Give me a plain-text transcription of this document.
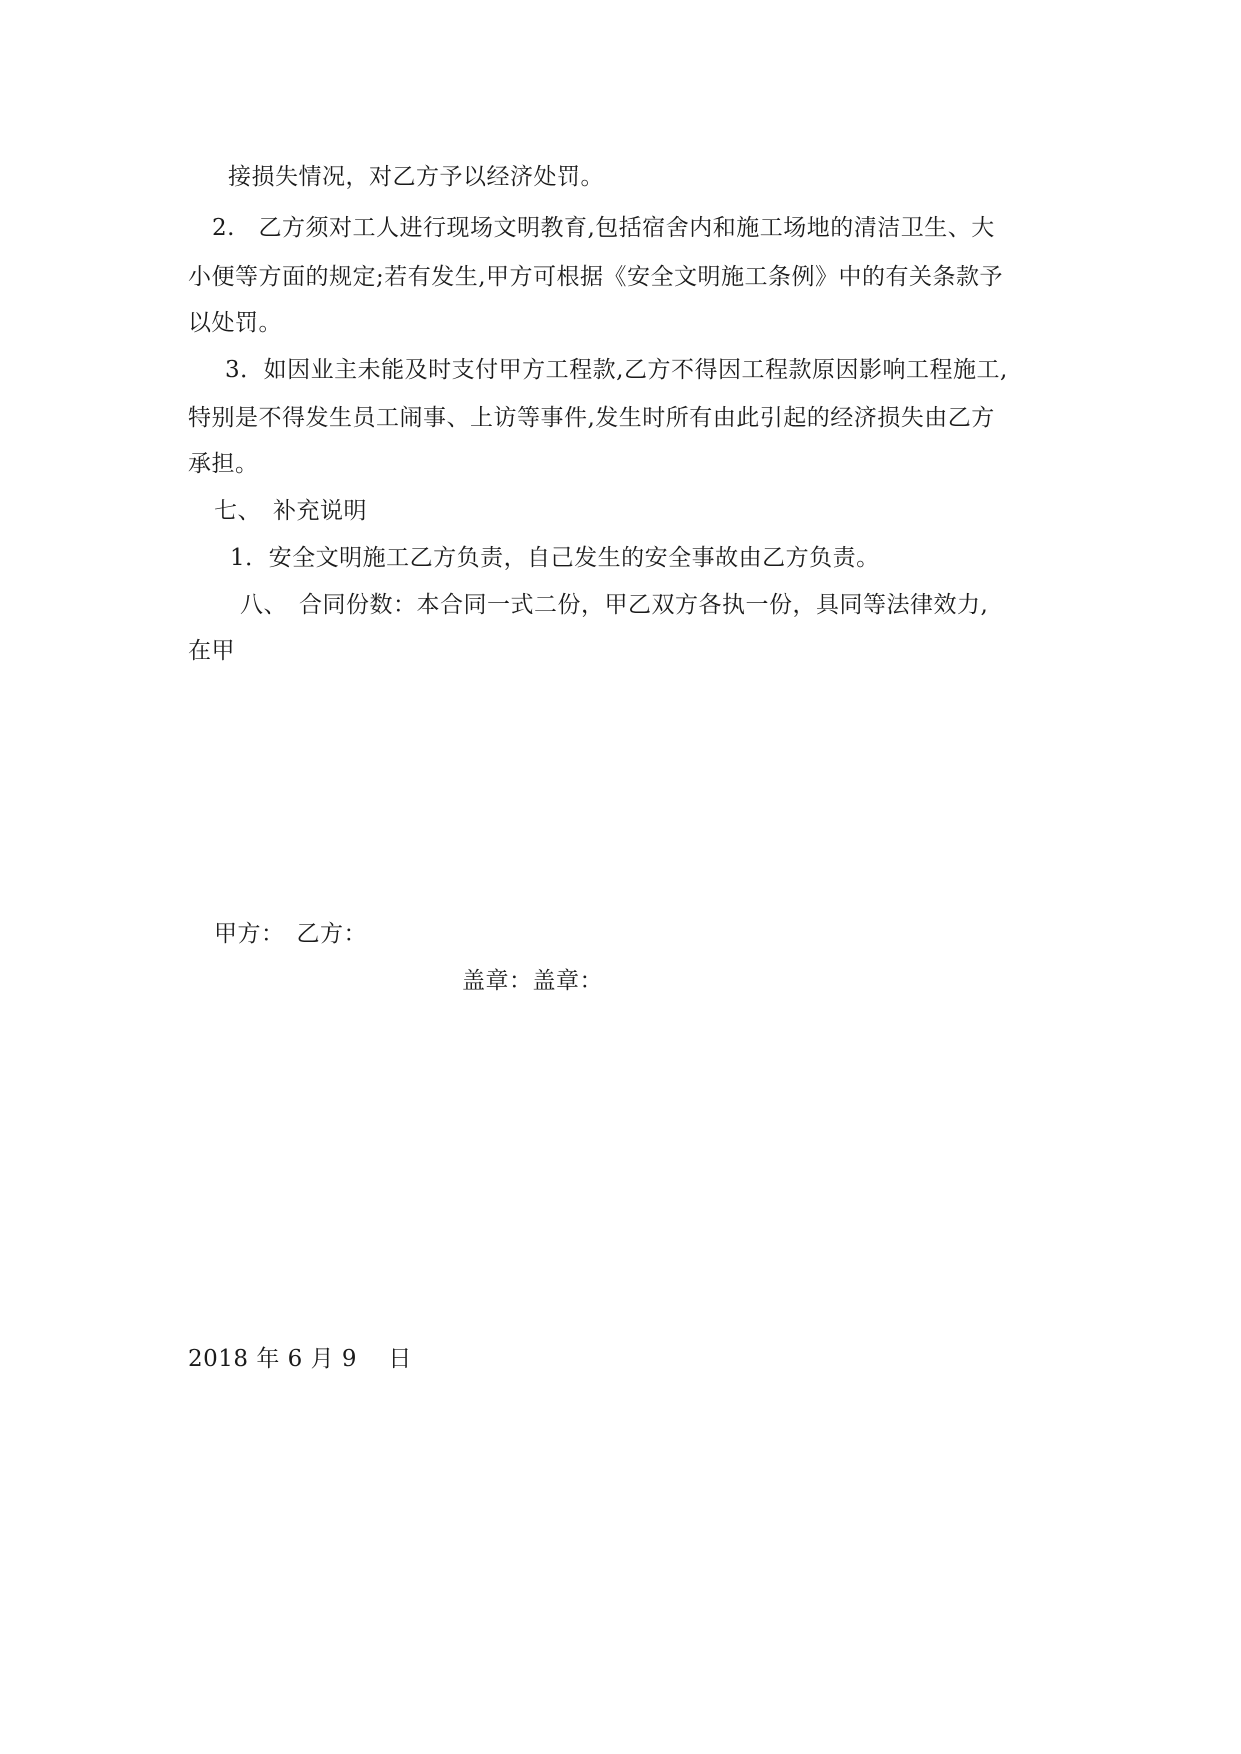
接损失情况，对乙方予以经济处罚。
2.　乙方须对工人进行现场文明教育,包括宿舍内和施工场地的清洁卫生、大
小便等方面的规定;若有发生,甲方可根据《安全文明施工条例》中的有关条款予
以处罚。
3．如因业主未能及时支付甲方工程款,乙方不得因工程款原因影响工程施工,
特别是不得发生员工闹事、上访等事件,发生时所有由此引起的经济损失由乙方
承担。
七、　补充说明
1．安全文明施工乙方负责，自己发生的安全事故由乙方负责。
八、　合同份数：本合同一式二份，甲乙双方各执一份，具同等法律效力,
在甲
甲方：　乙方：
盖章：盖章：
2018 年 6 月 9　 日
